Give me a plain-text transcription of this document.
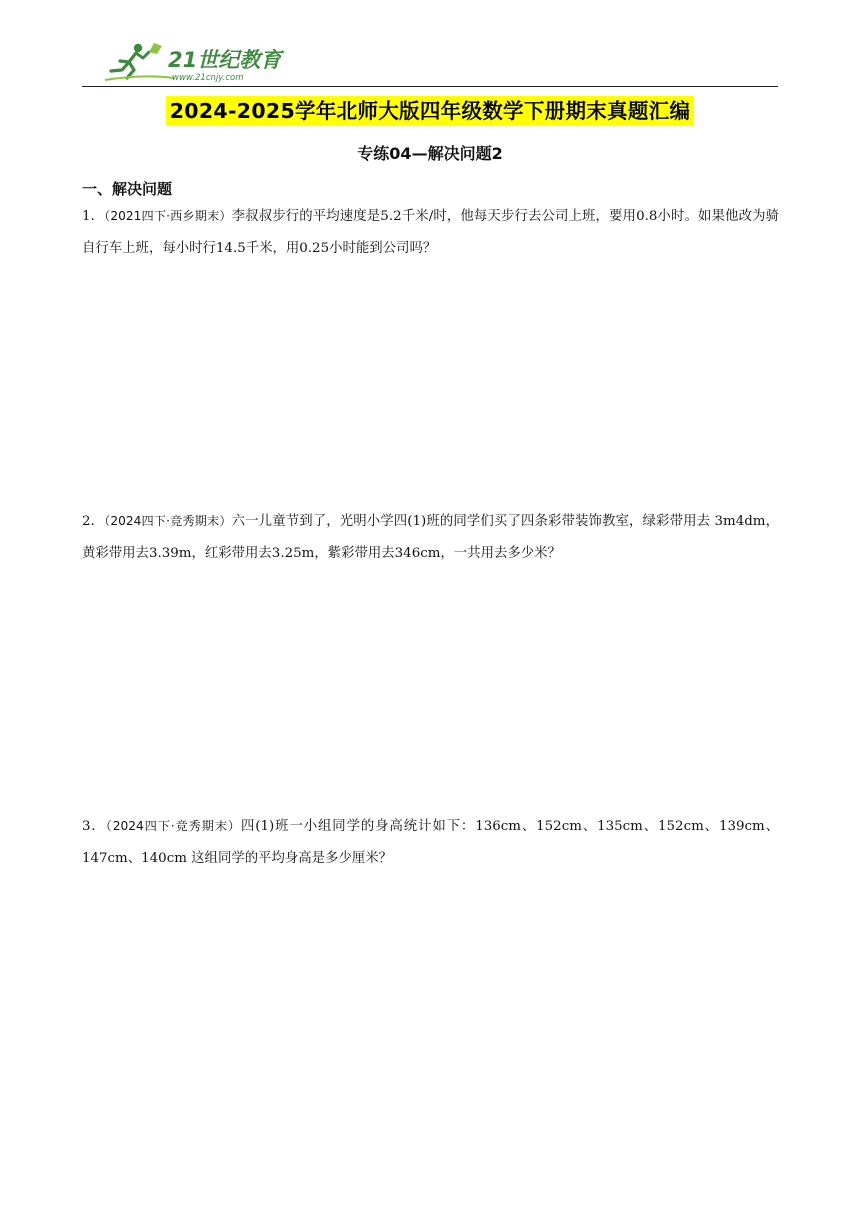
21世纪教育
www.21cnjy.com
2024-2025学年北师大版四年级数学下册期末真题汇编
专练04—解决问题2
一、解决问题
1．（2021四下·西乡期末）李叔叔步行的平均速度是5.2千米/时，他每天步行去公司上班，要用0.8小时。如果他改为骑自行车上班，每小时行14.5千米，用0.25小时能到公司吗？
2．（2024四下·竞秀期末）六一儿童节到了，光明小学四(1)班的同学们买了四条彩带装饰教室，绿彩带用去 3m4dm，黄彩带用去3.39m，红彩带用去3.25m，紫彩带用去346cm，一共用去多少米？
3．（2024四下·竞秀期末）四(1)班一小组同学的身高统计如下：136cm、152cm、135cm、152cm、139cm、147cm、140cm 这组同学的平均身高是多少厘米？
